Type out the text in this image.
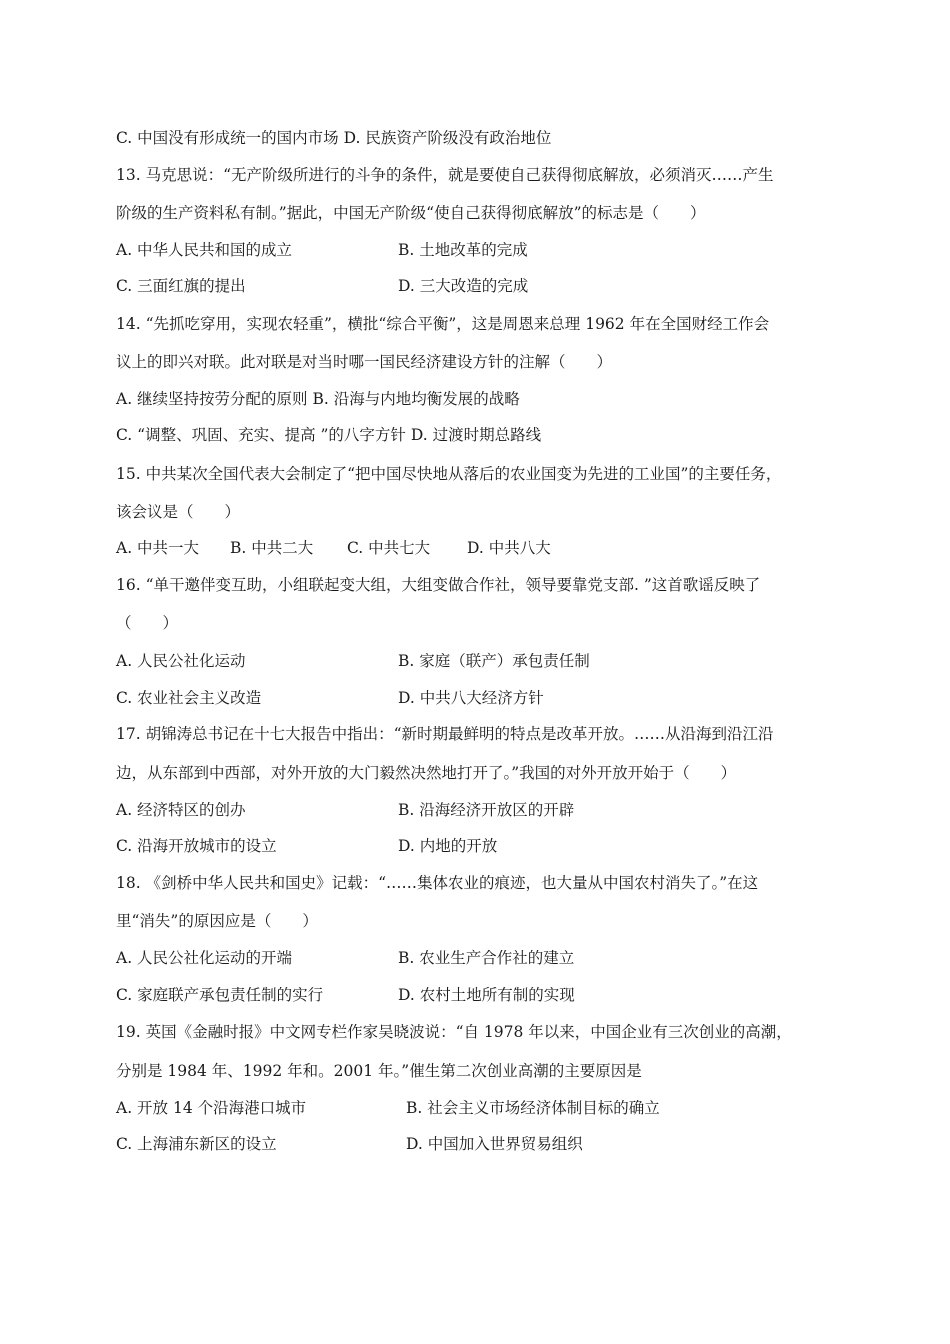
C. 中国没有形成统一的国内市场 D. 民族资产阶级没有政治地位
13. 马克思说：“无产阶级所进行的斗争的条件，就是要使自己获得彻底解放，必须消灭……产生
阶级的生产资料私有制。”据此，中国无产阶级“使自己获得彻底解放”的标志是（　　）
A. 中华人民共和国的成立	B. 土地改革的完成
C. 三面红旗的提出	D. 三大改造的完成
14. “先抓吃穿用，实现农轻重”，横批“综合平衡”，这是周恩来总理 1962 年在全国财经工作会
议上的即兴对联。此对联是对当时哪一国民经济建设方针的注解（　　）
A. 继续坚持按劳分配的原则 B. 沿海与内地均衡发展的战略
C. “调整、巩固、充实、提高 ”的八字方针 D. 过渡时期总路线
15. 中共某次全国代表大会制定了“把中国尽快地从落后的农业国变为先进的工业国”的主要任务，
该会议是（　　）
A. 中共一大 B. 中共二大 C. 中共七大 D. 中共八大
16. “单干邀伴变互助，小组联起变大组，大组变做合作社，领导要靠党支部. ”这首歌谣反映了
（　　）
A. 人民公社化运动	B. 家庭（联产）承包责任制
C. 农业社会主义改造	D. 中共八大经济方针
17. 胡锦涛总书记在十七大报告中指出：“新时期最鲜明的特点是改革开放。……从沿海到沿江沿
边，从东部到中西部，对外开放的大门毅然决然地打开了。”我国的对外开放开始于（　　）
A. 经济特区的创办	B. 沿海经济开放区的开辟
C. 沿海开放城市的设立	D. 内地的开放
18. 《剑桥中华人民共和国史》记载：“……集体农业的痕迹，也大量从中国农村消失了。”在这
里“消失”的原因应是（　　）
A. 人民公社化运动的开端	B. 农业生产合作社的建立
C. 家庭联产承包责任制的实行	D. 农村土地所有制的实现
19. 英国《金融时报》中文网专栏作家吴晓波说：“自 1978 年以来，中国企业有三次创业的高潮，
分别是 1984 年、1992 年和。2001 年。”催生第二次创业高潮的主要原因是
A. 开放 14 个沿海港口城市	B. 社会主义市场经济体制目标的确立
C. 上海浦东新区的设立	D. 中国加入世界贸易组织
